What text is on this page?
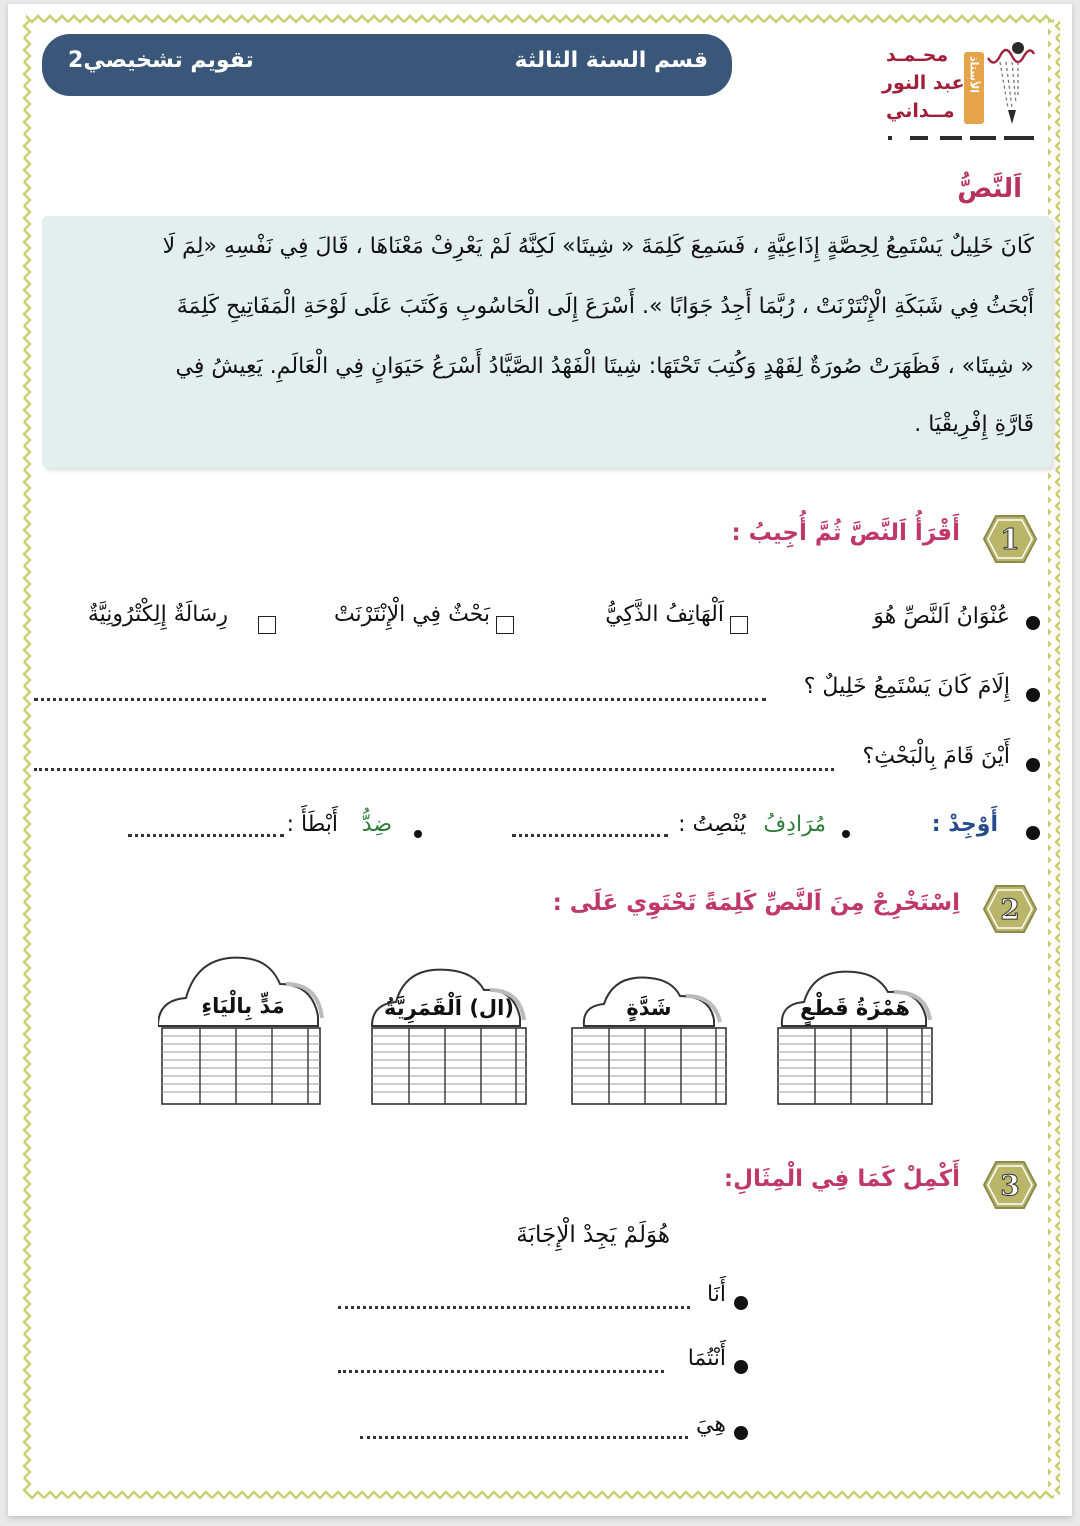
قسم السنة الثالثة
تقويم تشخيصي2	الأستاذ
محـمـد
عبد النور
مــداني
اَلنَّصُّ
كَانَ خَلِيلٌ يَسْتَمِعُ لِحِصَّةٍ إِذَاعِيَّةٍ ، فَسَمِعَ كَلِمَةَ « شِيتَا» لَكِنَّهُ لَمْ يَعْرِفْ مَعْنَاهَا ، قَالَ فِي نَفْسِهِ «لِمَ لَا
أَبْحَثُ فِي شَبَكَةِ الْإِنْتَرْنَتْ ، رُبَّمَا أَجِدُ جَوَابًا ». أَسْرَعَ إِلَى الْحَاسُوبِ وَكَتَبَ عَلَى لَوْحَةِ الْمَفَاتِيحِ كَلِمَةَ
« شِيتَا» ، فَظَهَرَتْ صُورَةٌ لِفَهْدٍ وَكُتِبَ تَحْتَهَا: شِيتَا الْفَهْدُ الصَّيَّادُ أَسْرَعُ حَيَوَانٍ فِي الْعَالَمِ. يَعِيشُ فِي
قَارَّةِ إِفْرِيقْيَا .
1
أَقْرَأُ اَلنَّصَّ ثُمَّ أُجِيبُ :
عُنْوَانُ اَلنَّصِّ هُوَ
اَلْهَاتِفُ الذَّكِيُّ
بَحْثٌ فِي الْإِنْتَرْنَتْ
رِسَالَةٌ إِلِكْتْرُونِيَّةٌ
إِلَامَ كَانَ يَسْتَمِعُ خَلِيلٌ ؟
أَيْنَ قَامَ بِالْبَحْثِ؟
أَوْجِدْ :
مُرَادِفُ
يُنْصِتُ :
ضِدُّ
أَبْطَأَ :
2
اِسْتَخْرِجْ مِنَ اَلنَّصِّ كَلِمَةً تَحْتَوِي عَلَى :
هَمْزَةُ قَطْعٍ
شَدَّةٍ
(ال) اَلْقَمَرِيَّةُ
مَدٍّ بِالْيَاءِ
3
أَكْمِلْ كَمَا فِي الْمِثَالِ:
هُوَلَمْ يَجِدْ الْإِجَابَةَ
أَنَا
أَنْتُمَا
هِيَ
